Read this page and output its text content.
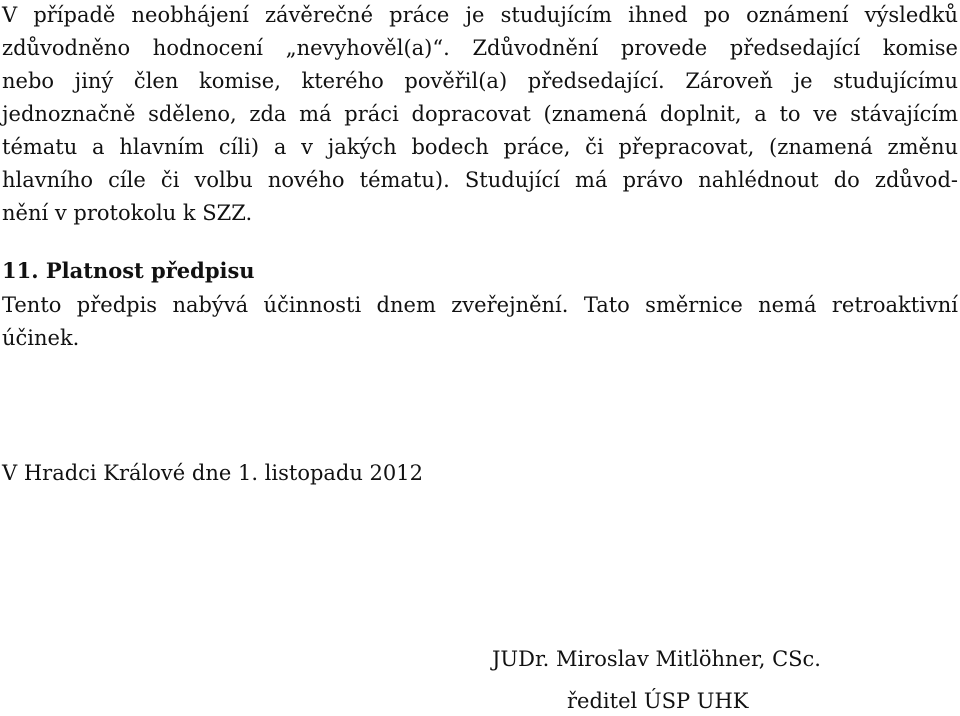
V případě neobhájení závěrečné práce je studujícím ihned po oznámení výsledků

zdůvodněno hodnocení „nevyhověl(a)“. Zdůvodnění provede předsedající komise

nebo jiný člen komise, kterého pověřil(a) předsedající. Zároveň je studujícímu

jednoznačně sděleno, zda má práci dopracovat (znamená doplnit, a to ve stávajícím

tématu a hlavním cíli) a v jakých bodech práce, či přepracovat, (znamená změnu

hlavního cíle či volbu nového tématu). Studující má právo nahlédnout do zdůvod-

nění v protokolu k SZZ.

11. Platnost předpisu

Tento předpis nabývá účinnosti dnem zveřejnění. Tato směrnice nemá retroaktivní

účinek.

V Hradci Králové dne 1. listopadu 2012

JUDr. Miroslav Mitlöhner, CSc.

ředitel ÚSP UHK
